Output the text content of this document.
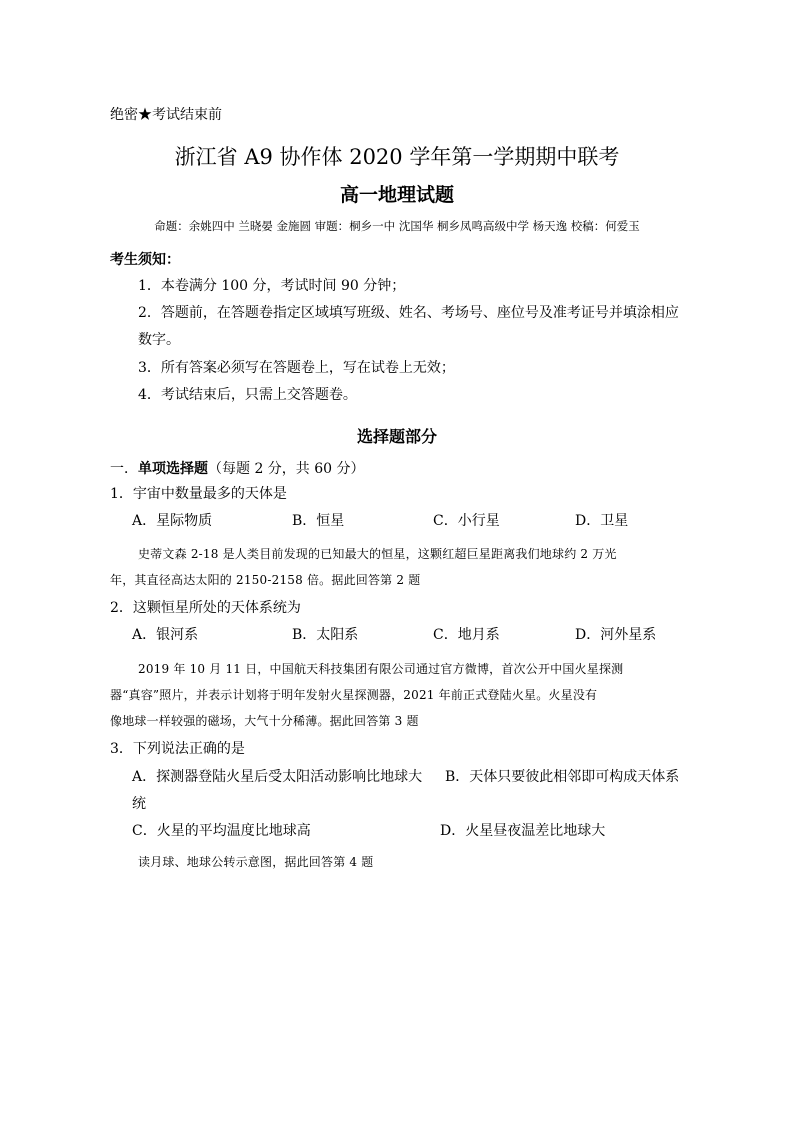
绝密★考试结束前
浙江省 A9 协作体 2020 学年第一学期期中联考
高一地理试题
命题：余姚四中 兰晓晏 金施圆 审题：桐乡一中 沈国华 桐乡凤鸣高级中学 杨天逸 校稿：何爱玉
考生须知：
1．本卷满分 100 分，考试时间 90 分钟；
2．答题前，在答题卷指定区域填写班级、姓名、考场号、座位号及准考证号并填涂相应
数字。
3．所有答案必须写在答题卷上，写在试卷上无效；
4．考试结束后，只需上交答题卷。
选择题部分
一．单项选择题（每题 2 分，共 60 分）
1．宇宙中数量最多的天体是
A．星际物质	B．恒星	C．小行星	D．卫星
史蒂文森 2-18 是人类目前发现的已知最大的恒星，这颗红超巨星距离我们地球约 2 万光
年，其直径高达太阳的 2150-2158 倍。据此回答第 2 题
2．这颗恒星所处的天体系统为
A．银河系	B．太阳系	C．地月系	D．河外星系
2019 年 10 月 11 日，中国航天科技集团有限公司通过官方微博，首次公开中国火星探测
器“真容”照片，并表示计划将于明年发射火星探测器，2021 年前正式登陆火星。火星没有
像地球一样较强的磁场，大气十分稀薄。据此回答第 3 题
3．下列说法正确的是
A．探测器登陆火星后受太阳活动影响比地球大 B．天体只要彼此相邻即可构成天体系
统
C．火星的平均温度比地球高	D．火星昼夜温差比地球大
读月球、地球公转示意图，据此回答第 4 题
